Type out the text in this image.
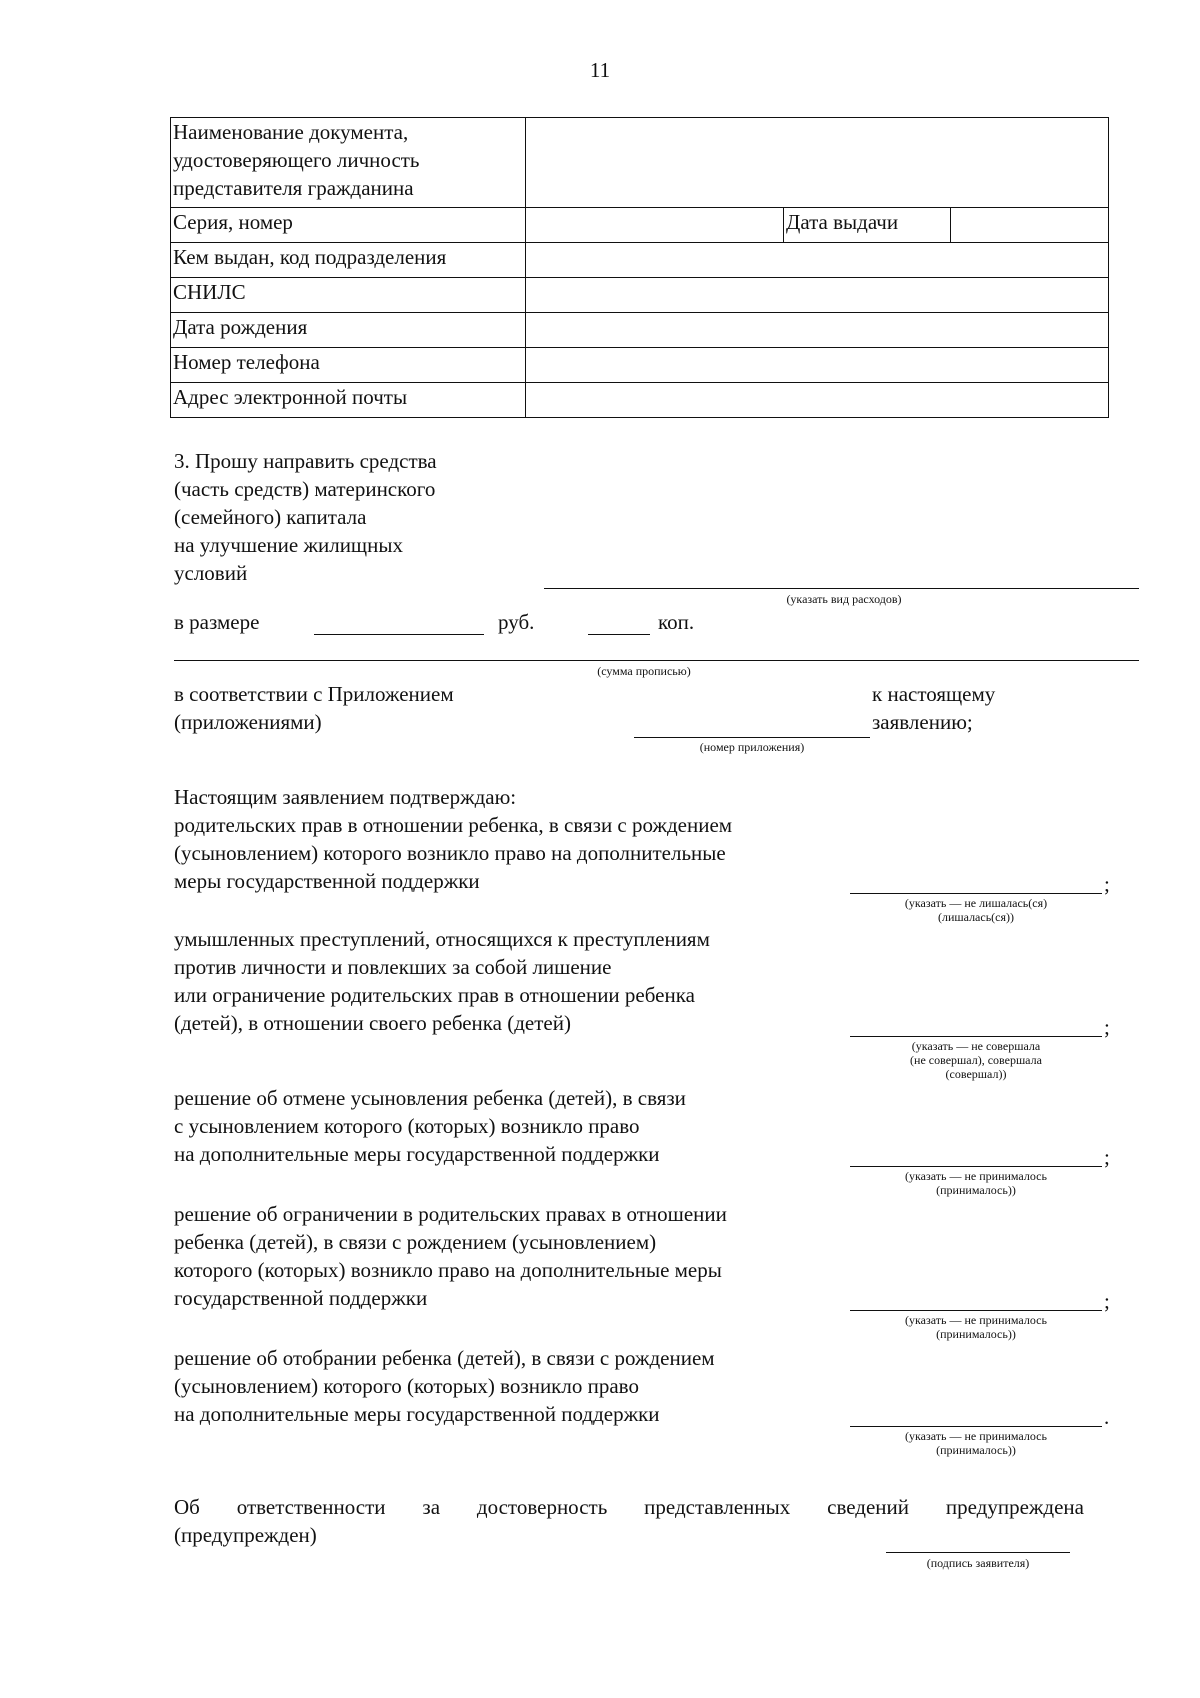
11
Наименование документа,
удостоверяющего личность
представителя гражданина			

Серия, номер		Дата выдачи	
Кем выдан, код подразделения			
СНИЛС			
Дата рождения			
Номер телефона			
Адрес электронной почты			
3. Прошу направить средства
(часть средств) материнского
(семейного) капитала
на улучшение жилищных
условий
(указать вид расходов)
в размере	руб.	коп.
(сумма прописью)
в соответствии с Приложением
(приложениями)
(номер приложения)
к настоящему
заявлению;
Настоящим заявлением подтверждаю:
родительских прав в отношении ребенка, в связи с рождением
(усыновлением) которого возникло право на дополнительные
меры государственной поддержки	;
(указать — не лишалась(ся)
(лишалась(ся))
умышленных преступлений, относящихся к преступлениям
против личности и повлекших за собой лишение
или ограничение родительских прав в отношении ребенка
(детей), в отношении своего ребенка (детей)	;
(указать — не совершала
(не совершал), совершала
(совершал))
решение об отмене усыновления ребенка (детей), в связи
с усыновлением которого (которых) возникло право
на дополнительные меры государственной поддержки	;
(указать — не принималось
(принималось))
решение об ограничении в родительских правах в отношении
ребенка (детей), в связи с рождением (усыновлением)
которого (которых) возникло право на дополнительные меры
государственной поддержки	;
(указать — не принималось
(принималось))
решение об отобрании ребенка (детей), в связи с рождением
(усыновлением) которого (которых) возникло право
на дополнительные меры государственной поддержки	.
(указать — не принималось
(принималось))
Об ответственности за достоверность представленных сведений предупреждена
(предупрежден)
(подпись заявителя)
